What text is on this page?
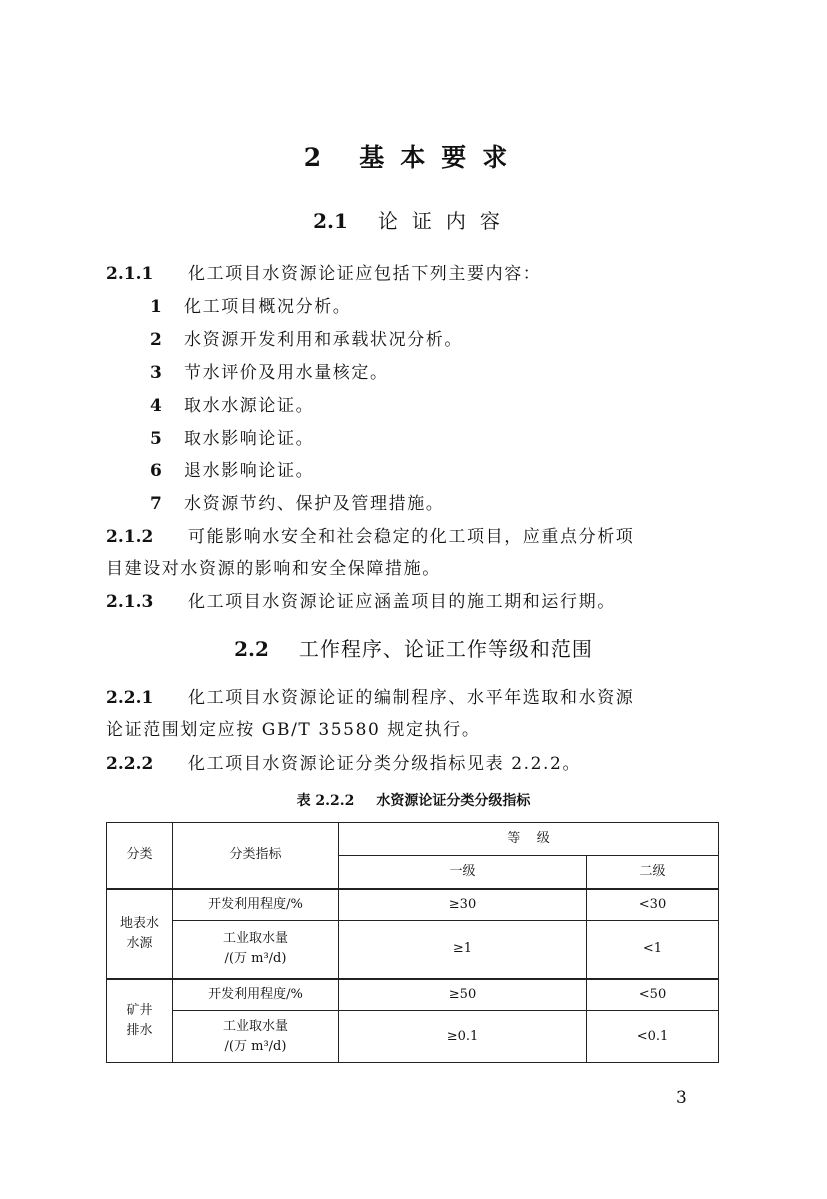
2 基本要求
2.1 论证内容
2.1.1 化工项目水资源论证应包括下列主要内容：
1 化工项目概况分析。
2 水资源开发利用和承载状况分析。
3 节水评价及用水量核定。
4 取水水源论证。
5 取水影响论证。
6 退水影响论证。
7 水资源节约、保护及管理措施。
2.1.2 可能影响水安全和社会稳定的化工项目，应重点分析项
目建设对水资源的影响和安全保障措施。
2.1.3 化工项目水资源论证应涵盖项目的施工期和运行期。
2.2 工作程序、论证工作等级和范围
2.2.1 化工项目水资源论证的编制程序、水平年选取和水资源
论证范围划定应按 GB/T 35580 规定执行。
2.2.2 化工项目水资源论证分类分级指标见表 2.2.2。
表 2.2.2 水资源论证分类分级指标
分类	分类指标	等    级	
		一级	二级

地表水
水源	开发利用程度/%	≥30	<30

	工业取水量
/(万 m³/d)	≥1	<1

矿井
排水	开发利用程度/%	≥50	<50

	工业取水量
/(万 m³/d)	≥0.1	<0.1
3
